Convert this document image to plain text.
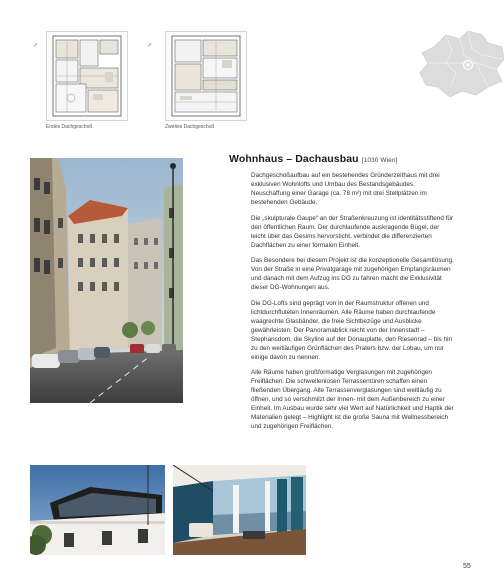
Erstes Dachgeschoß
⇗	⇗
Zweites Dachgeschoß
Wohnhaus – Dachausbau [1030 Wien]

Dachgeschoßaufbau auf ein bestehendes Gründerzeithaus mit drei exklusiven Wohnlofts und Umbau des Bestandsgebäudes. Neuschaffung einer Garage (ca. 78 m²) mit drei Stellplätzen im bestehenden Gebäude.

Die „skulpturale Gaupe“ an der Straßenkreuzung ist identitätsstiftend für den öffentlichen Raum. Der durchlaufende auskragende Bügel, der leicht über das Gesims hervorsticht, verbindet die differenzierten Dachflächen zu einer formalen Einheit.

Das Besondere bei diesem Projekt ist die konzeptionelle Gesamtlösung. Von der Straße in eine Privatgarage mit zugehörigen Empfangsräumen und danach mit dem Aufzug ins DG zu fahren macht die Exklusivität dieser DG-Wohnungen aus.

Die DG-Lofts sind geprägt von in der Raumstruktur offenen und lichtdurchfluteten Innenräumen. Alle Räume haben durchlaufende waagrechte Glasbänder, die freie Sichtbezüge und Ausblicke gewährleisten. Der Panoramablick reicht von der Innenstadt – Stephansdom, die Skyline auf der Donauplatte, den Riesenrad – bis hin zu den weitläufigen Grünflächen des Praters bzw. der Lobau, um nur einige davon zu nennen.

Alle Räume haben großformatige Verglasungen mit zugehörigen Freiflächen. Die schwellenlosen Terrassentüren schaffen einen fließenden Übergang. Alle Terrassenverglasungen sind weitläufig zu öffnen, und so verschmilzt der Innen- mit dem Außenbereich zu einer Einheit. Im Ausbau wurde sehr viel Wert auf Natürlichkeit und Haptik der Materialien gelegt – Highlight ist die große Sauna mit Wellnessbereich und zugehörigen Freiflächen.

55
